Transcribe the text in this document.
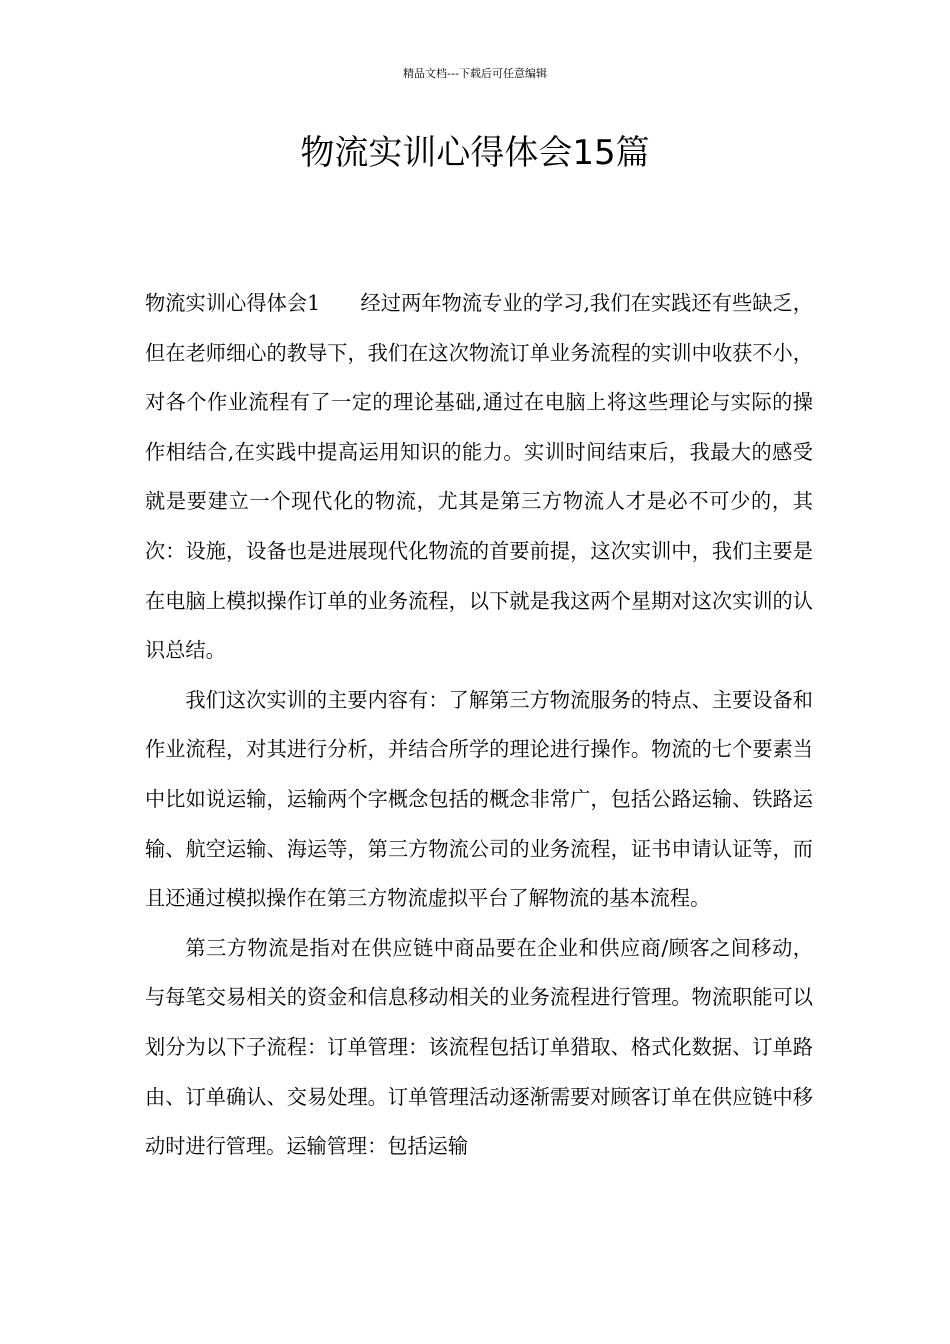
精品文档---下载后可任意编辑
物流实训心得体会15篇

物流实训心得体会1 经过两年物流专业的学习,我们在实践还有些缺乏，但在老师细心的教导下，我们在这次物流订单业务流程的实训中收获不小，对各个作业流程有了一定的理论基础,通过在电脑上将这些理论与实际的操作相结合,在实践中提高运用知识的能力。实训时间结束后，我最大的感受就是要建立一个现代化的物流，尤其是第三方物流人才是必不可少的，其次：设施，设备也是进展现代化物流的首要前提，这次实训中，我们主要是在电脑上模拟操作订单的业务流程，以下就是我这两个星期对这次实训的认识总结。

我们这次实训的主要内容有：了解第三方物流服务的特点、主要设备和作业流程，对其进行分析，并结合所学的理论进行操作。物流的七个要素当中比如说运输，运输两个字概念包括的概念非常广，包括公路运输、铁路运输、航空运输、海运等，第三方物流公司的业务流程，证书申请认证等，而且还通过模拟操作在第三方物流虚拟平台了解物流的基本流程。

第三方物流是指对在供应链中商品要在企业和供应商/顾客之间移动，与每笔交易相关的资金和信息移动相关的业务流程进行管理。物流职能可以划分为以下子流程：订单管理：该流程包括订单猎取、格式化数据、订单路由、订单确认、交易处理。订单管理活动逐渐需要对顾客订单在供应链中移动时进行管理。运输管理：包括运输
